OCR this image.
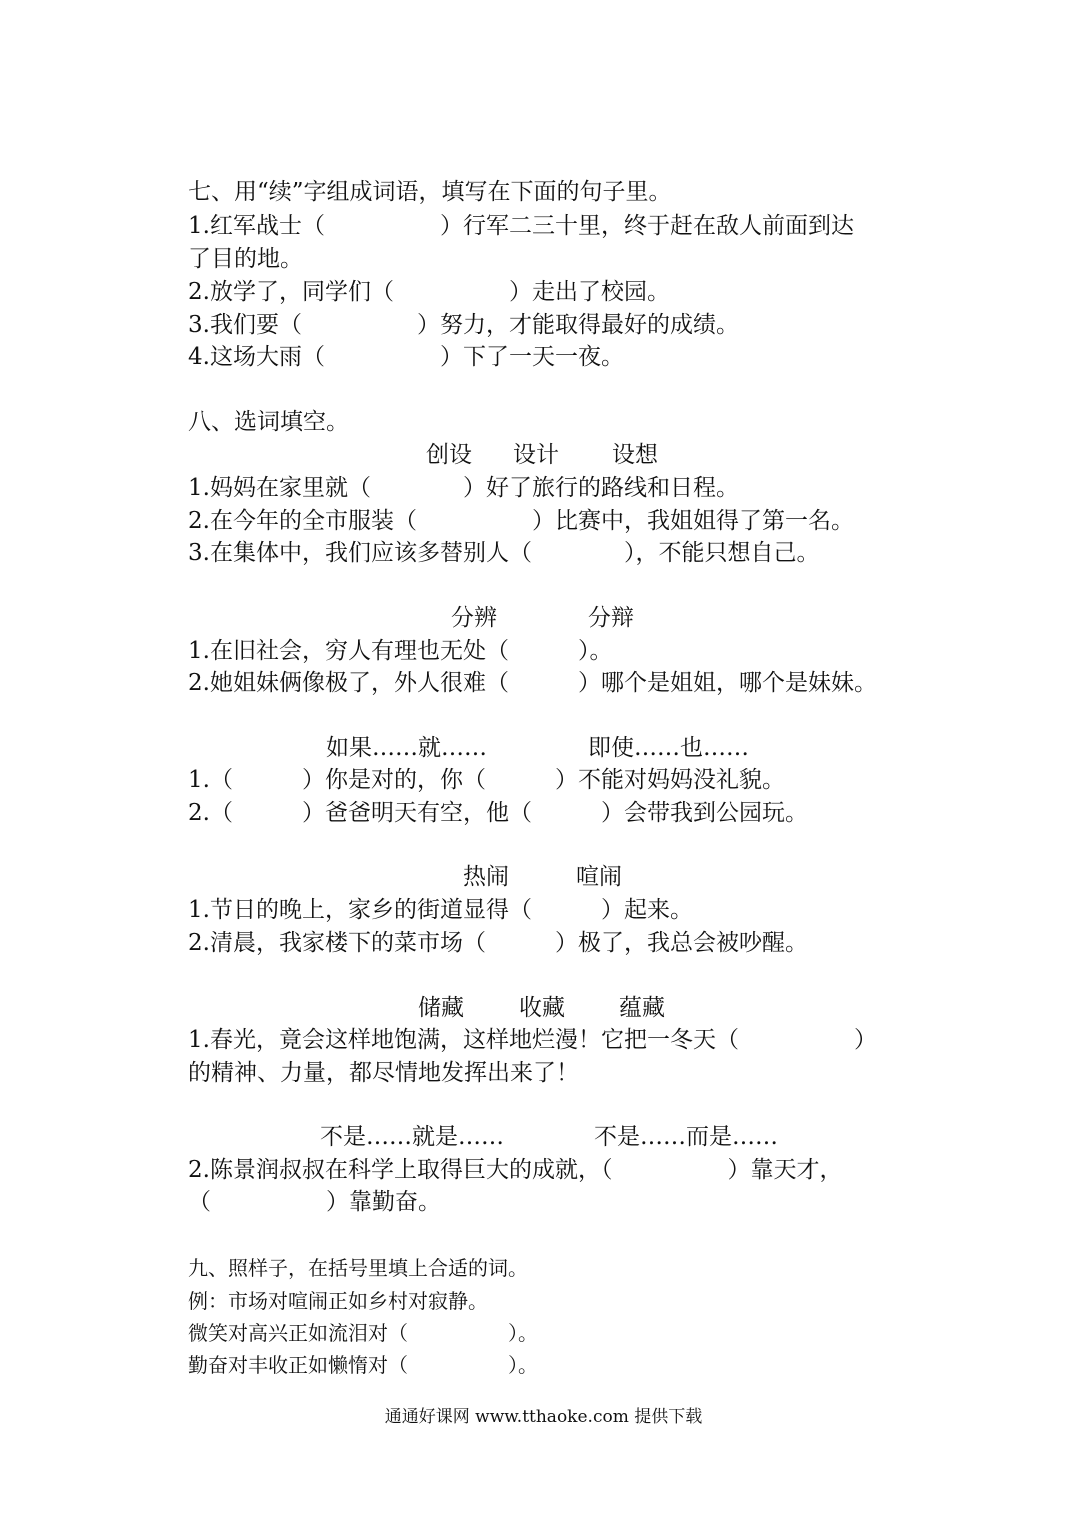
七、用“续”字组成词语，填写在下面的句子里。
1.红军战士（　　　　　）行军二三十里，终于赶在敌人前面到达
了目的地。
2.放学了，同学们（　　　　　）走出了校园。
3.我们要（　　　　　）努力，才能取得最好的成绩。
4.这场大雨（　　　　　）下了一天一夜。
八、选词填空。
创设 设计 设想
1.妈妈在家里就（　　　　）好了旅行的路线和日程。
2.在今年的全市服装（　　　　　）比赛中，我姐姐得了第一名。
3.在集体中，我们应该多替别人（　　　　），不能只想自己。
分辨	分辩
1.在旧社会，穷人有理也无处（　　　）。
2.她姐妹俩像极了，外人很难（　　　）哪个是姐姐，哪个是妹妹。
如果……就……	即使……也……
1.（　　　）你是对的，你（　　　）不能对妈妈没礼貌。
2.（　　　）爸爸明天有空，他（　　　）会带我到公园玩。
热闹	喧闹
1.节日的晚上，家乡的街道显得（　　　）起来。
2.清晨，我家楼下的菜市场（　　　）极了，我总会被吵醒。
储藏 收藏 蕴藏
1.春光，竟会这样地饱满，这样地烂漫！它把一冬天（　　　　　）
的精神、力量，都尽情地发挥出来了！
不是……就是……	不是……而是……
2.陈景润叔叔在科学上取得巨大的成就，（　　　　　）靠天才，
（　　　　　）靠勤奋。
九、照样子，在括号里填上合适的词。
例：市场对喧闹正如乡村对寂静。
微笑对高兴正如流泪对（　　　　　）。
勤奋对丰收正如懒惰对（　　　　　）。
通通好课网 www.tthaoke.com 提供下载
